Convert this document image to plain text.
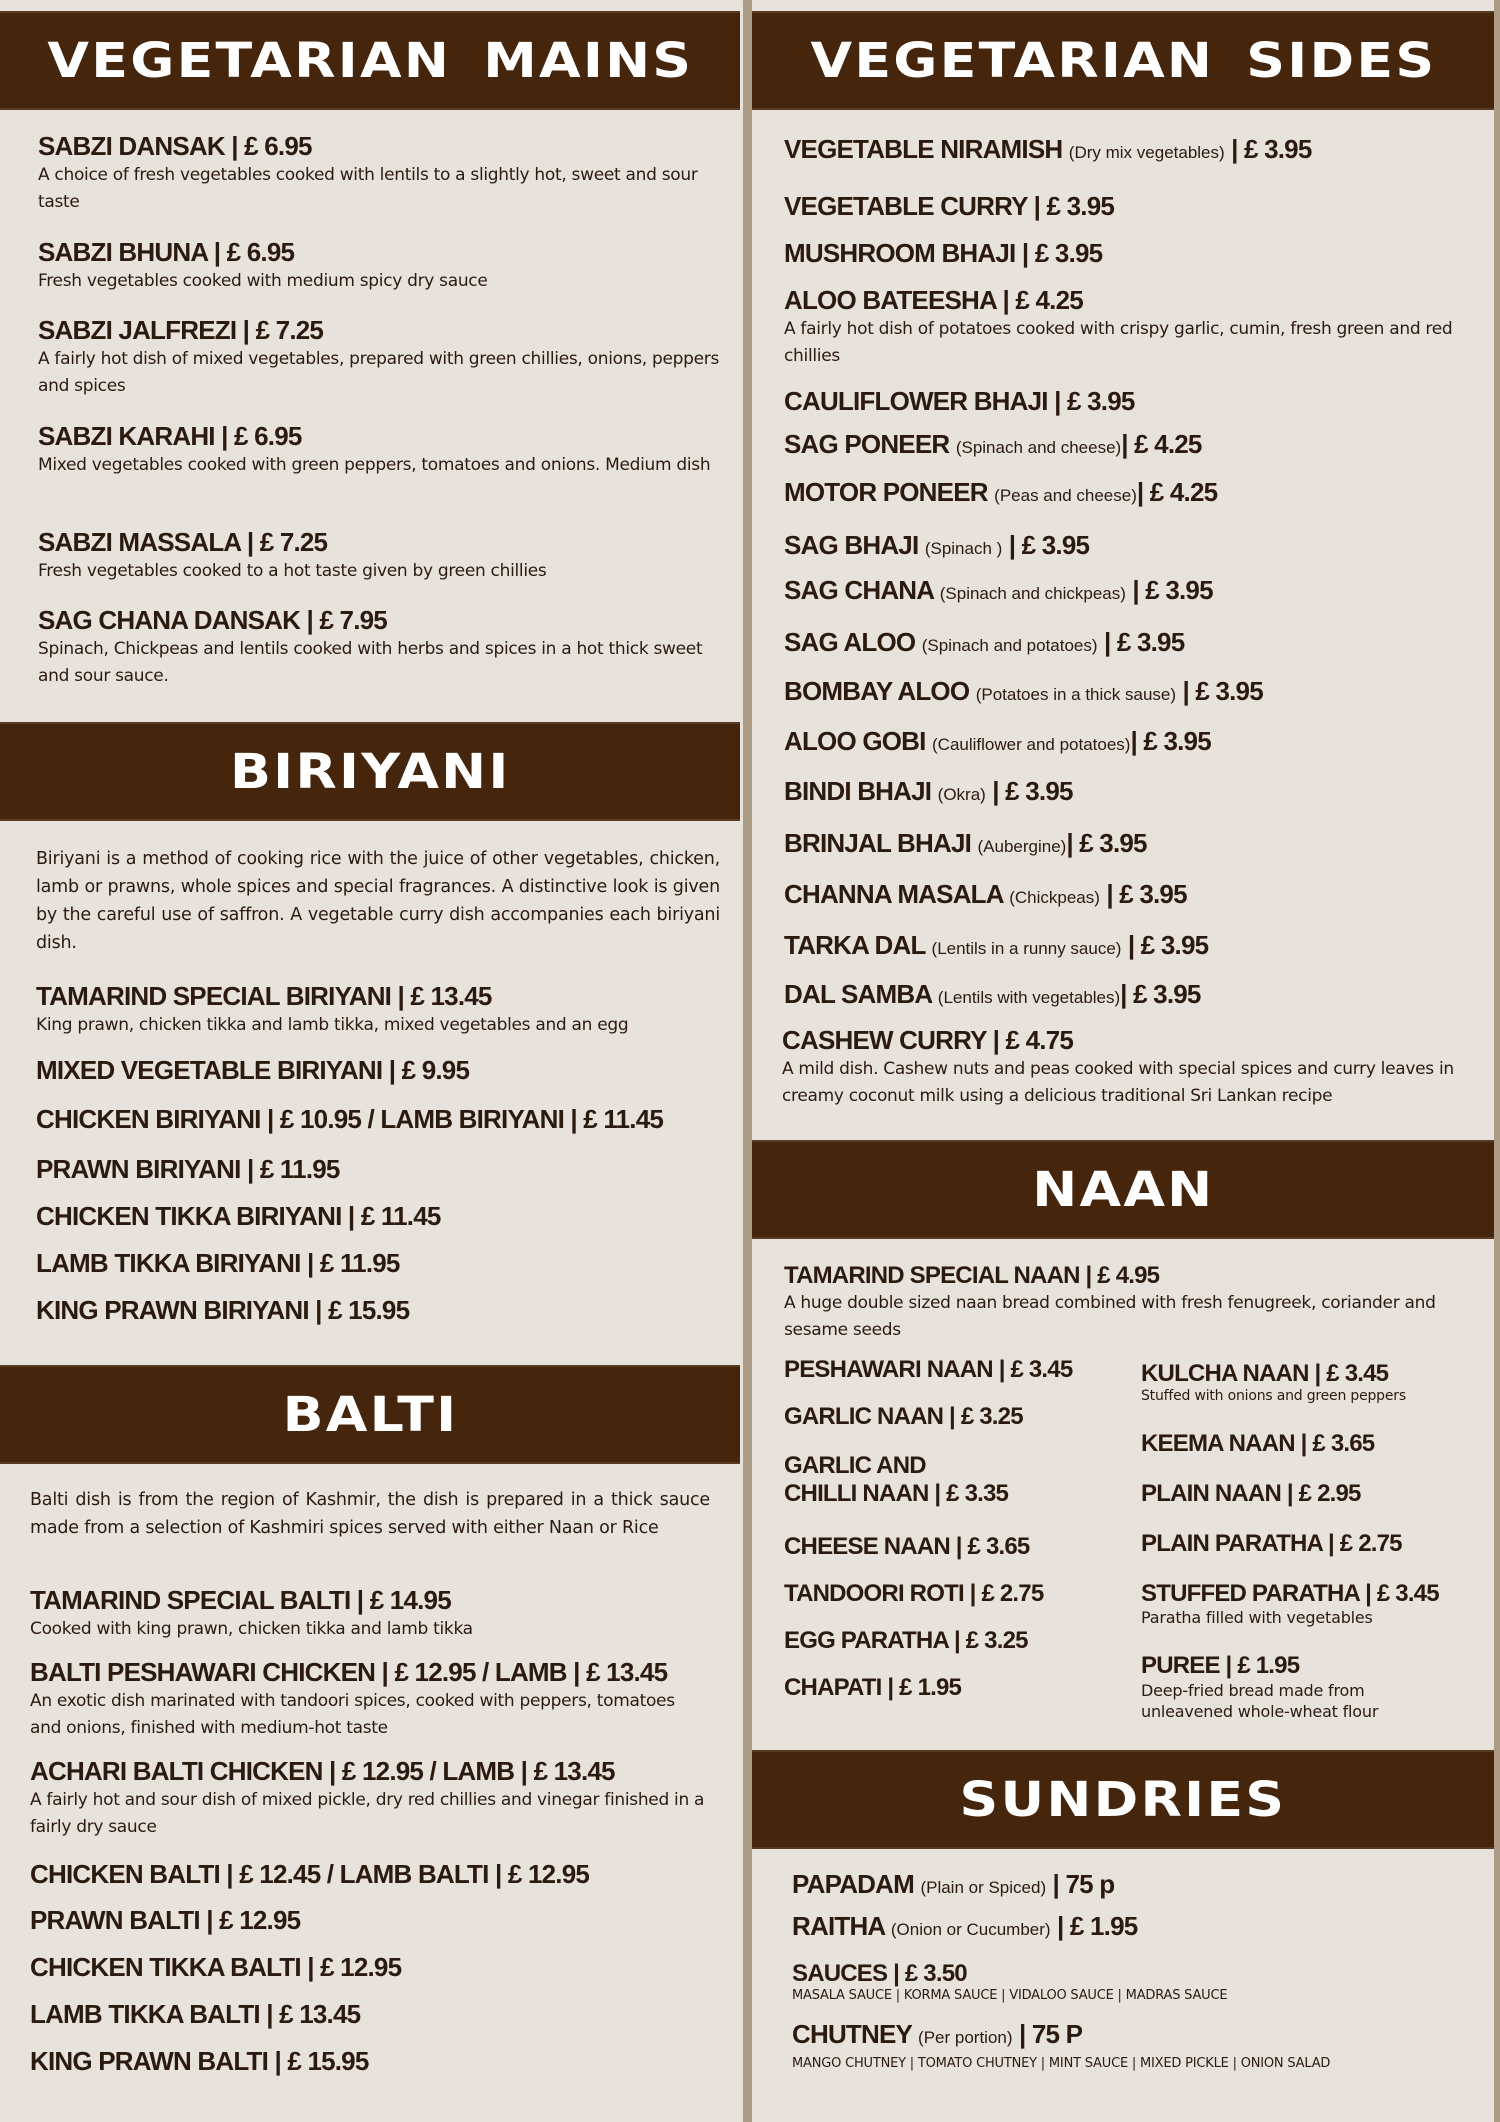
VEGETARIAN MAINS
SABZI DANSAK | £ 6.95
A choice of fresh vegetables cooked with lentils to a slightly hot, sweet and sour taste
SABZI BHUNA | £ 6.95
Fresh vegetables cooked with medium spicy dry sauce
SABZI JALFREZI | £ 7.25
A fairly hot dish of mixed vegetables, prepared with green chillies, onions, peppers and spices
SABZI KARAHI | £ 6.95
Mixed vegetables cooked with green peppers, tomatoes and onions. Medium dish
SABZI MASSALA | £ 7.25
Fresh vegetables cooked to a hot taste given by green chillies
SAG CHANA DANSAK | £ 7.95
Spinach, Chickpeas and lentils cooked with herbs and spices in a hot thick sweet and sour sauce.
BIRIYANI
Biriyani is a method of cooking rice with the juice of other vegetables, chicken, lamb or prawns, whole spices and special fragrances. A distinctive look is given by the careful use of saffron. A vegetable curry dish accompanies each biriyani dish.
TAMARIND SPECIAL BIRIYANI | £ 13.45
King prawn, chicken tikka and lamb tikka, mixed vegetables and an egg
MIXED VEGETABLE BIRIYANI | £ 9.95
CHICKEN BIRIYANI | £ 10.95 / LAMB BIRIYANI | £ 11.45
PRAWN BIRIYANI | £ 11.95
CHICKEN TIKKA BIRIYANI | £ 11.45
LAMB TIKKA BIRIYANI | £ 11.95
KING PRAWN BIRIYANI | £ 15.95
BALTI
Balti dish is from the region of Kashmir, the dish is prepared in a thick sauce made from a selection of Kashmiri spices served with either Naan or Rice
TAMARIND SPECIAL BALTI | £ 14.95
Cooked with king prawn, chicken tikka and lamb tikka
BALTI PESHAWARI CHICKEN | £ 12.95 / LAMB | £ 13.45
An exotic dish marinated with tandoori spices, cooked with peppers, tomatoes and onions, finished with medium-hot taste
ACHARI BALTI CHICKEN | £ 12.95 / LAMB | £ 13.45
A fairly hot and sour dish of mixed pickle, dry red chillies and vinegar finished in a fairly dry sauce
CHICKEN BALTI | £ 12.45 / LAMB BALTI | £ 12.95
PRAWN BALTI | £ 12.95
CHICKEN TIKKA BALTI | £ 12.95
LAMB TIKKA BALTI | £ 13.45
KING PRAWN BALTI | £ 15.95
VEGETARIAN SIDES
VEGETABLE NIRAMISH (Dry mix vegetables) | £ 3.95
VEGETABLE CURRY | £ 3.95
MUSHROOM BHAJI | £ 3.95
ALOO BATEESHA | £ 4.25
A fairly hot dish of potatoes cooked with crispy garlic, cumin, fresh green and red chillies
CAULIFLOWER BHAJI | £ 3.95
SAG PONEER (Spinach and cheese)| £ 4.25
MOTOR PONEER (Peas and cheese)| £ 4.25
SAG BHAJI (Spinach ) | £ 3.95
SAG CHANA (Spinach and chickpeas) | £ 3.95
SAG ALOO (Spinach and potatoes) | £ 3.95
BOMBAY ALOO (Potatoes in a thick sause) | £ 3.95
ALOO GOBI (Cauliflower and potatoes)| £ 3.95
BINDI BHAJI (Okra) | £ 3.95
BRINJAL BHAJI (Aubergine)| £ 3.95
CHANNA MASALA (Chickpeas) | £ 3.95
TARKA DAL (Lentils in a runny sauce) | £ 3.95
DAL SAMBA (Lentils with vegetables)| £ 3.95
CASHEW CURRY | £ 4.75
A mild dish. Cashew nuts and peas cooked with special spices and curry leaves in creamy coconut milk using a delicious traditional Sri Lankan recipe
NAAN
TAMARIND SPECIAL NAAN | £ 4.95
A huge double sized naan bread combined with fresh fenugreek, coriander and sesame seeds
PESHAWARI NAAN | £ 3.45
GARLIC NAAN | £ 3.25
GARLIC AND
CHILLI NAAN | £ 3.35
CHEESE NAAN | £ 3.65
TANDOORI ROTI | £ 2.75
EGG PARATHA | £ 3.25
CHAPATI | £ 1.95
KULCHA NAAN | £ 3.45
Stuffed with onions and green peppers
KEEMA NAAN | £ 3.65
PLAIN NAAN | £ 2.95
PLAIN PARATHA | £ 2.75
STUFFED PARATHA | £ 3.45
Paratha filled with vegetables
PUREE | £ 1.95
Deep-fried bread made from
unleavened whole-wheat flour
SUNDRIES
PAPADAM (Plain or Spiced) | 75 p
RAITHA (Onion or Cucumber) | £ 1.95
SAUCES | £ 3.50
MASALA SAUCE | KORMA SAUCE | VIDALOO SAUCE | MADRAS SAUCE
CHUTNEY (Per portion) | 75 P
MANGO CHUTNEY | TOMATO CHUTNEY | MINT SAUCE | MIXED PICKLE | ONION SALAD
